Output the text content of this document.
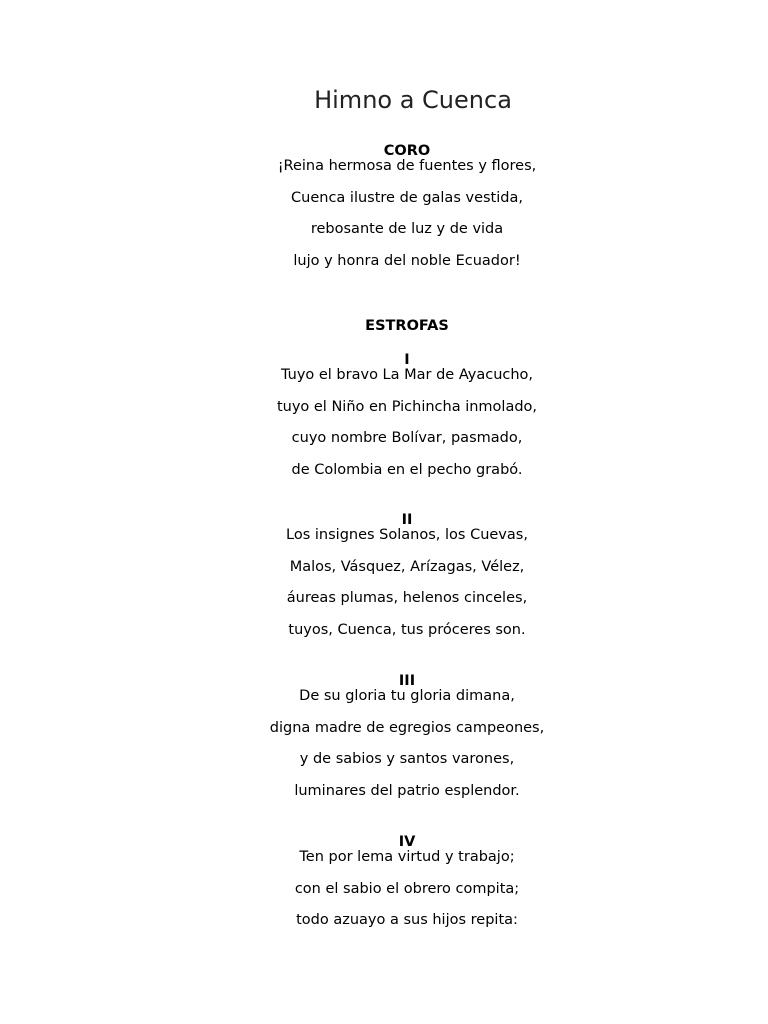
Himno a Cuenca
CORO
¡Reina hermosa de fuentes y flores,
Cuenca ilustre de galas vestida,
rebosante de luz y de vida
lujo y honra del noble Ecuador!
ESTROFAS
I
Tuyo el bravo La Mar de Ayacucho,
tuyo el Niño en Pichincha inmolado,
cuyo nombre Bolívar, pasmado,
de Colombia en el pecho grabó.
II
Los insignes Solanos, los Cuevas,
Malos, Vásquez, Arízagas, Vélez,
áureas plumas, helenos cinceles,
tuyos, Cuenca, tus próceres son.
III
De su gloria tu gloria dimana,
digna madre de egregios campeones,
y de sabios y santos varones,
luminares del patrio esplendor.
IV
Ten por lema virtud y trabajo;
con el sabio el obrero compita;
todo azuayo a sus hijos repita:
